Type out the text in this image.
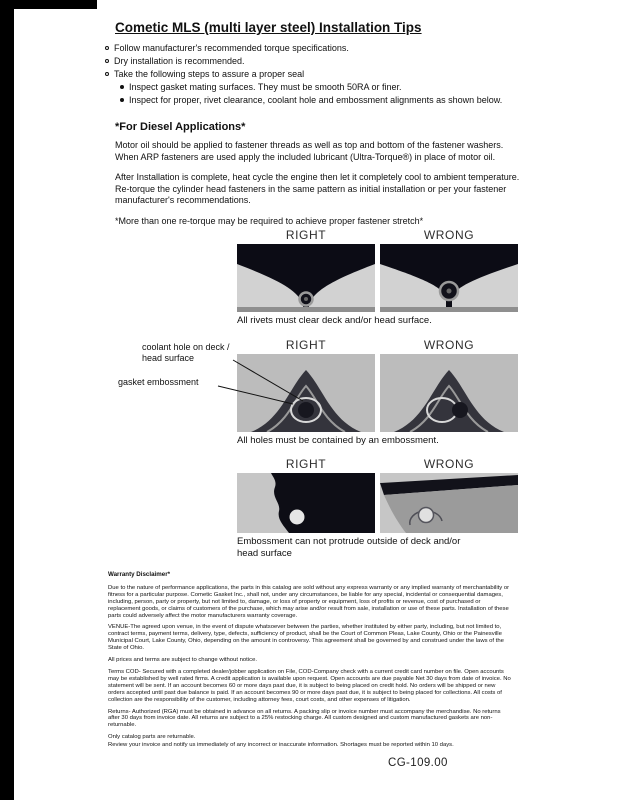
Cometic MLS (multi layer steel) Installation Tips
Follow manufacturer's recommended torque specifications.
Dry installation is recommended.
Take the following steps to assure a proper seal
Inspect gasket mating surfaces. They must be smooth 50RA or finer.
Inspect for proper, rivet clearance, coolant hole and embossment alignments as shown below.
*For Diesel Applications*

Motor oil should be applied to fastener threads as well as top and bottom of the fastener washers. When ARP fasteners are used apply the included lubricant (Ultra-Torque®) in place of motor oil.

After Installation is complete, heat cycle the engine then let it completely cool to ambient temperature. Re-torque the cylinder head fasteners in the same pattern as initial installation or per your fastener manufacturer's recommendations.

*More than one re-torque may be required to achieve proper fastener stretch*

RIGHT	WRONG

All rivets must clear deck and/or head surface.

RIGHT	WRONG

All holes must be contained by an embossment.

RIGHT	WRONG

Embossment can not protrude outside of deck and/or head surface

coolant hole on deck / head surface
gasket embossment
Warranty Disclaimer*

Due to the nature of performance applications, the parts in this catalog are sold without any express warranty or any implied warranty of merchantability or fitness for a particular purpose. Cometic Gasket Inc., shall not, under any circumstances, be liable for any special, incidental or consequential damages, including, person, party or property, but not limited to, damage, or loss of property or equipment, loss of profits or revenue, cost of purchased or replacement goods, or claims of customers of the purchase, which may arise and/or result from sale, installation or use of these parts. Installation of these parts could adversely affect the motor manufacturers warranty coverage.

VENUE-The agreed upon venue, in the event of dispute whatsoever between the parties, whether instituted by either party, including, but not limited to, contract terms, payment terms, delivery, type, defects, sufficiency of product, shall be the Court of Common Pleas, Lake County, Ohio or the Painesville Municipal Court, Lake County, Ohio, depending on the amount in controversy. This agreement shall be governed by and construed under the laws of the State of Ohio.

All prices and terms are subject to change without notice.

Terms COD- Secured with a completed dealer/jobber application on File, COD-Company check with a current credit card number on file. Open accounts may be established by well rated firms. A credit application is available upon request. Open accounts are due payable Net 30 days from date of invoice. No statement will be sent. If an account becomes 60 or more days past due, it is subject to being placed on credit hold. No orders will be shipped or new orders accepted until past due balance is paid. If an account becomes 90 or more days past due, it is subject to being placed for collections. All costs of collection are the responsibility of the customer, including attorney fees, court costs, and other expenses of litigation.

Returns- Authorized (RGA) must be obtained in advance on all returns. A packing slip or invoice number must accompany the merchandise. No returns after 30 days from invoice date. All returns are subject to a 25% restocking charge. All custom designed and custom manufactured gaskets are non-returnable.

Only catalog parts are returnable.

Review your invoice and notify us immediately of any incorrect or inaccurate information. Shortages must be reported within 10 days.

CG-109.00
